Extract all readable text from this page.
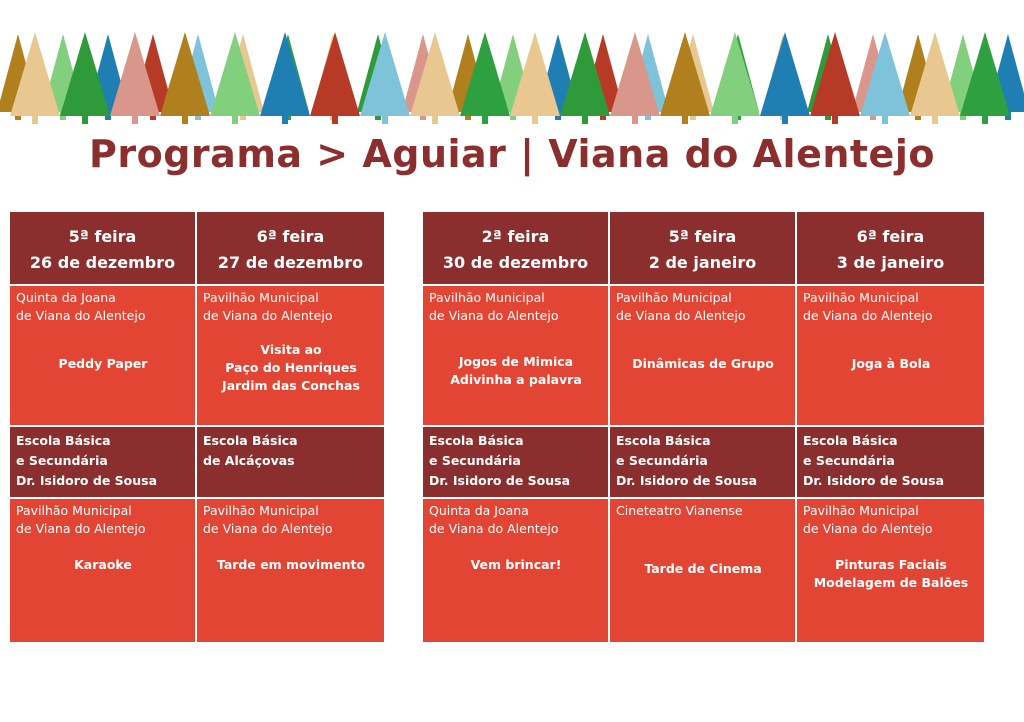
Programa > Aguiar | Viana do Alentejo
5ª feira
26 de dezembro
Quinta da Joana
de Viana do Alentejo
Peddy Paper
Escola Básica
e Secundária
Dr. Isidoro de Sousa
Pavilhão Municipal
de Viana do Alentejo
Karaoke
6ª feira
27 de dezembro
Pavilhão Municipal
de Viana do Alentejo
Visita ao
Paço do Henriques
Jardim das Conchas
Escola Básica
de Alcáçovas
Pavilhão Municipal
de Viana do Alentejo
Tarde em movimento
2ª feira
30 de dezembro
Pavilhão Municipal
de Viana do Alentejo
Jogos de Mimica
Adivinha a palavra
Escola Básica
e Secundária
Dr. Isidoro de Sousa
Quinta da Joana
de Viana do Alentejo
Vem brincar!
5ª feira
2 de janeiro
Pavilhão Municipal
de Viana do Alentejo
Dinâmicas de Grupo
Escola Básica
e Secundária
Dr. Isidoro de Sousa
Cineteatro Vianense
Tarde de Cinema
6ª feira
3 de janeiro
Pavilhão Municipal
de Viana do Alentejo
Joga à Bola
Escola Básica
e Secundária
Dr. Isidoro de Sousa
Pavilhão Municipal
de Viana do Alentejo
Pinturas Faciais
Modelagem de Balões
